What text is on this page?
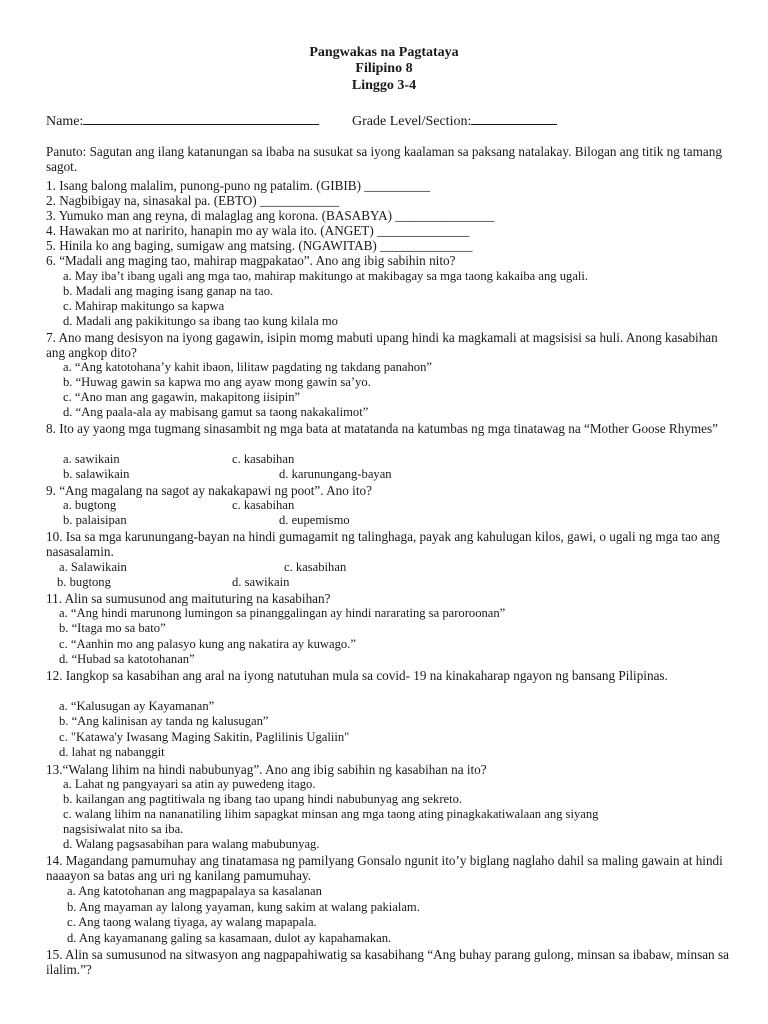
Pangwakas na Pagtataya
Filipino 8
Linggo 3-4
Name:	Grade Level/Section:
Panuto: Sagutan ang ilang katanungan sa ibaba na susukat sa iyong kaalaman sa paksang natalakay. Bilogan ang titik ng tamang sagot.
1. Isang balong malalim, punong-puno ng patalim. (GIBIB) __________
2. Nagbibigay na, sinasakal pa. (EBTO) ____________
3. Yumuko man ang reyna, di malaglag ang korona. (BASABYA) _______________
4. Hawakan mo at naririto, hanapin mo ay wala ito. (ANGET) ______________
5. Hinila ko ang baging, sumigaw ang matsing. (NGAWITAB) ______________
6. “Madali ang maging tao, mahirap magpakatao”. Ano ang ibig sabihin nito?
a. May iba’t ibang ugali ang mga tao, mahirap makitungo at makibagay sa mga taong kakaiba ang ugali.
b. Madali ang maging isang ganap na tao.
c. Mahirap makitungo sa kapwa
d. Madali ang pakikitungo sa ibang tao kung kilala mo
7. Ano mang desisyon na iyong gagawin, isipin momg mabuti upang hindi ka magkamali at magsisisi sa huli. Anong kasabihan ang angkop dito?
a. “Ang katotohana’y kahit ibaon, lilitaw pagdating ng takdang panahon”
b. “Huwag gawin sa kapwa mo ang ayaw mong gawin sa’yo.
c. “Ano man ang gagawin, makapitong iisipin”
d. “Ang paala-ala ay mabisang gamut sa taong nakakalimot”
8. Ito ay yaong mga tugmang sinasambit ng mga bata at matatanda na katumbas ng mga tinatawag na “Mother Goose Rhymes”
a. sawikain	c. kasabihan
b. salawikain	d. karunungang-bayan
9. “Ang magalang na sagot ay nakakapawi ng poot”. Ano ito?
a. bugtong	c. kasabihan
b. palaisipan	d. eupemismo
10. Isa sa mga karunungang-bayan na hindi gumagamit ng talinghaga, payak ang kahulugan kilos, gawi, o ugali ng mga tao ang nasasalamin.
a. Salawikain	c. kasabihan
b. bugtong	d. sawikain
11. Alin sa sumusunod ang maituturing na kasabihan?
a. “Ang hindi marunong lumingon sa pinanggalingan ay hindi nararating sa paroroonan”
b. “Itaga mo sa bato”
c. “Aanhin mo ang palasyo kung ang nakatira ay kuwago.”
d. “Hubad sa katotohanan”
12. Iangkop sa kasabihan ang aral na iyong natutuhan mula sa covid- 19 na kinakaharap ngayon ng bansang Pilipinas.
a. “Kalusugan ay Kayamanan”
b. “Ang kalinisan ay tanda ng kalusugan”
c. "Katawa'y Iwasang Maging Sakitin, Paglilinis Ugaliin"
d. lahat ng nabanggit
13.“Walang lihim na hindi nabubunyag”. Ano ang ibig sabihin ng kasabihan na ito?
a. Lahat ng pangyayari sa atin ay puwedeng itago.
b. kailangan ang pagtitiwala ng ibang tao upang hindi nabubunyag ang sekreto.
c. walang lihim na nananatiling lihim sapagkat minsan ang mga taong ating pinagkakatiwalaan ang siyang
nagsisiwalat nito sa iba.
d. Walang pagsasabihan para walang mabubunyag.
14. Magandang pamumuhay ang tinatamasa ng pamilyang Gonsalo ngunit ito’y biglang naglaho dahil sa maling gawain at hindi naaayon sa batas ang uri ng kanilang pamumuhay.
a. Ang katotohanan ang magpapalaya sa kasalanan
b. Ang mayaman ay lalong yayaman, kung sakim at walang pakialam.
c. Ang taong walang tiyaga, ay walang mapapala.
d. Ang kayamanang galing sa kasamaan, dulot ay kapahamakan.
15. Alin sa sumusunod na sitwasyon ang nagpapahiwatig sa kasabihang “Ang buhay parang gulong, minsan sa ibabaw, minsan sa ilalim.”?
